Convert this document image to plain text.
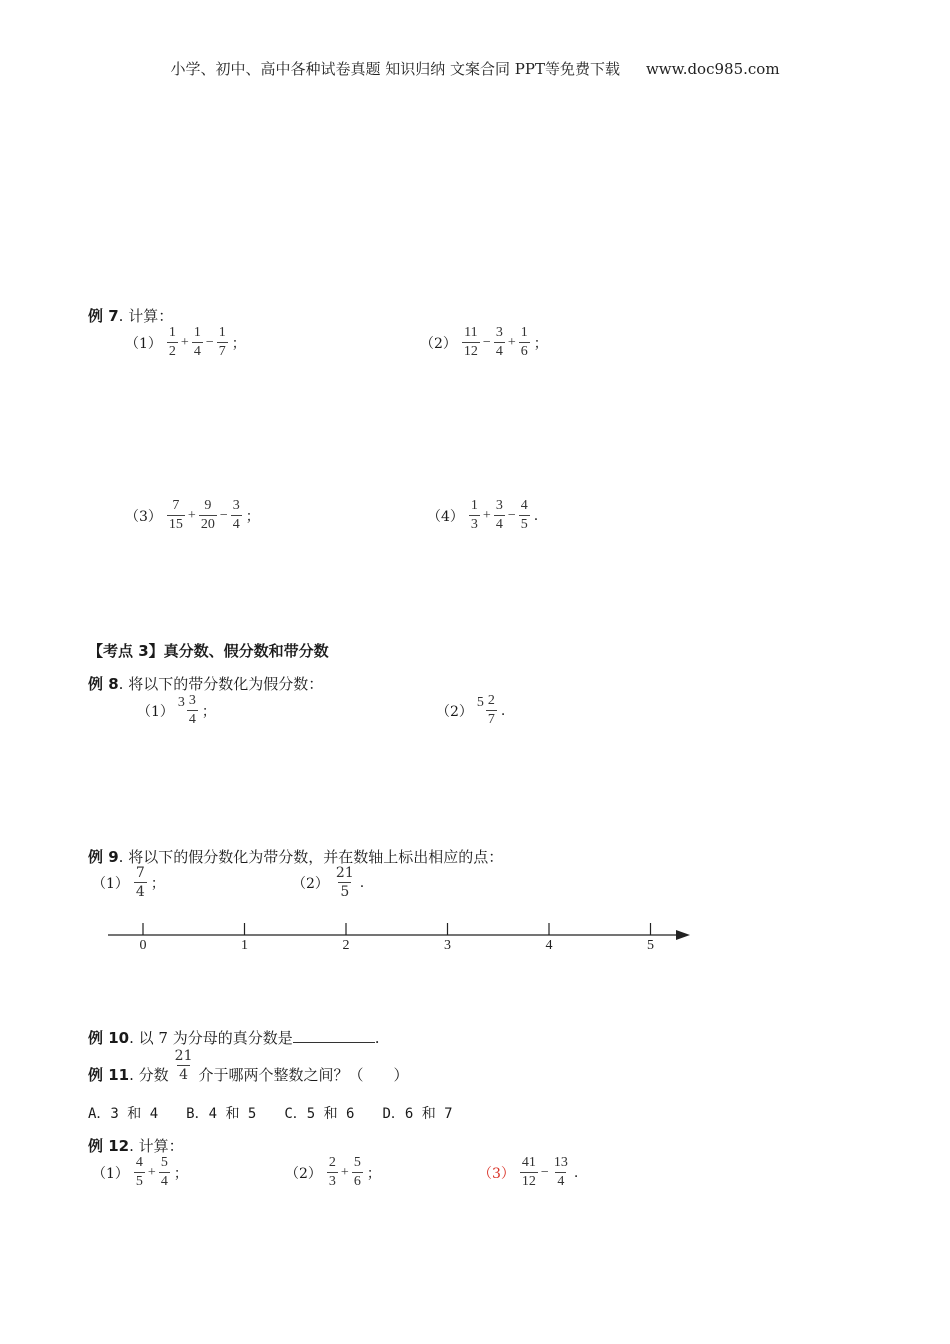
小学、初中、高中各种试卷真题 知识归纳 文案合同 PPT等免费下载 www.doc985.com
例 7. 计算：
$(1) \frac{1}{2} + \frac{1}{4} - \frac{1}{7}$ ；	$(2) \frac{11}{12} - \frac{3}{4} + \frac{1}{6}$ ；
$(3) \frac{7}{15} + \frac{9}{20} - \frac{3}{4}$ ；	$(4) \frac{1}{3} + \frac{3}{4} - \frac{4}{5}$ .
【考点 3】真分数、假分数和带分数
例 8. 将以下的带分数化为假分数：
（1）
$3 \frac{3}{4}$ ；	（2）
$5 \frac{2}{7}$ .
例 9. 将以下的假分数化为带分数，并在数轴上标出相应的点：
$(1) \frac{7}{4}$ ；	$(2) \frac{21}{5}$ .
0	1	2	3	4	5
例 10. 以 7 为分母的真分数是	.
例 11 . 分数 $\frac{21}{4}$ 介于哪两个整数之间？（　　）
A．3 和 4 B．4 和 5 C．5 和 6 D．6 和 7
例 12. 计算：
$(1) \frac{4}{5} + \frac{5}{4}$ ；	$(2) \frac{2}{3} + \frac{5}{6}$ ；	$(3) \frac{41}{12} - \frac{13}{4}$ .
